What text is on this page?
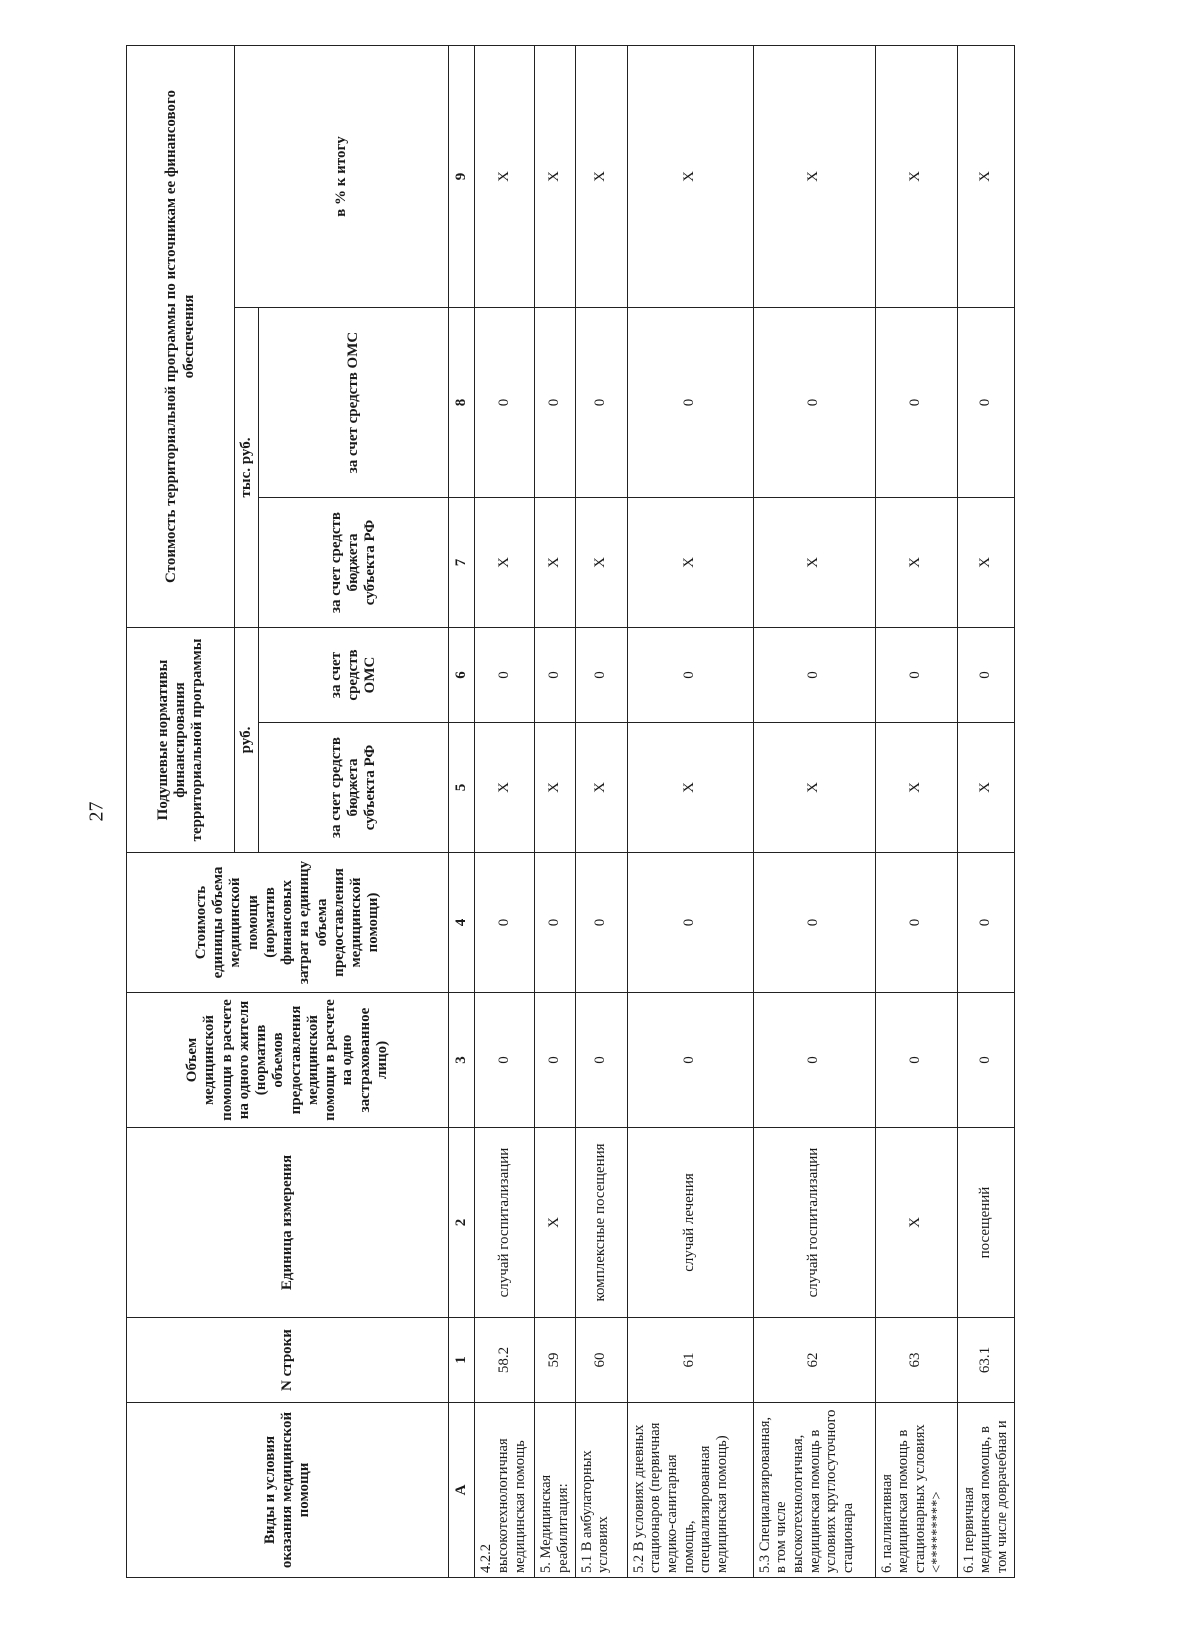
27
Виды и условия оказания медицинской помощи	N строки	Единица измерения	Объем медицинской помощи в расчете на одного жителя (норматив объемов предоставления медицинской помощи в расчете на одно застрахованное лицо)	Стоимость единицы объема медицинской помощи (норматив финансовых затрат на единицу объема предоставления медицинской помощи)	Подушевые нормативы финансирования территориальной программы		Стоимость территориальной программы по источникам ее финансового обеспечения		
					руб.		тыс. руб.		в % к итогу
					за счет средств бюджета субъекта РФ	за счет средств ОМС	за счет средств бюджета субъекта РФ	за счет средств ОМС	
А	1	2	3	4	5	6	7	8	9
4.2.2 высокотехнологичная медицинская помощь	58.2	случай госпитализации	0	0	X	0	X	0	X
5. Медицинская реабилитация:	59	X	0	0	X	0	X	0	X
5.1 В амбулаторных условиях	60	комплексные посещения	0	0	X	0	X	0	X
5.2 В условиях дневных стационаров (первичная медико-санитарная помощь, специализированная медицинская помощь)	61	случай лечения	0	0	X	0	X	0	X
5.3 Специализированная, в том числе высокотехнологичная, медицинская помощь в условиях круглосуточного стационара	62	случай госпитализации	0	0	X	0	X	0	X
6. паллиативная медицинская помощь в стационарных условиях <*********>	63	X	0	0	X	0	X	0	X
6.1 первичная медицинская помощь, в том числе доврачебная и	63.1	посещений	0	0	X	0	X	0	X
